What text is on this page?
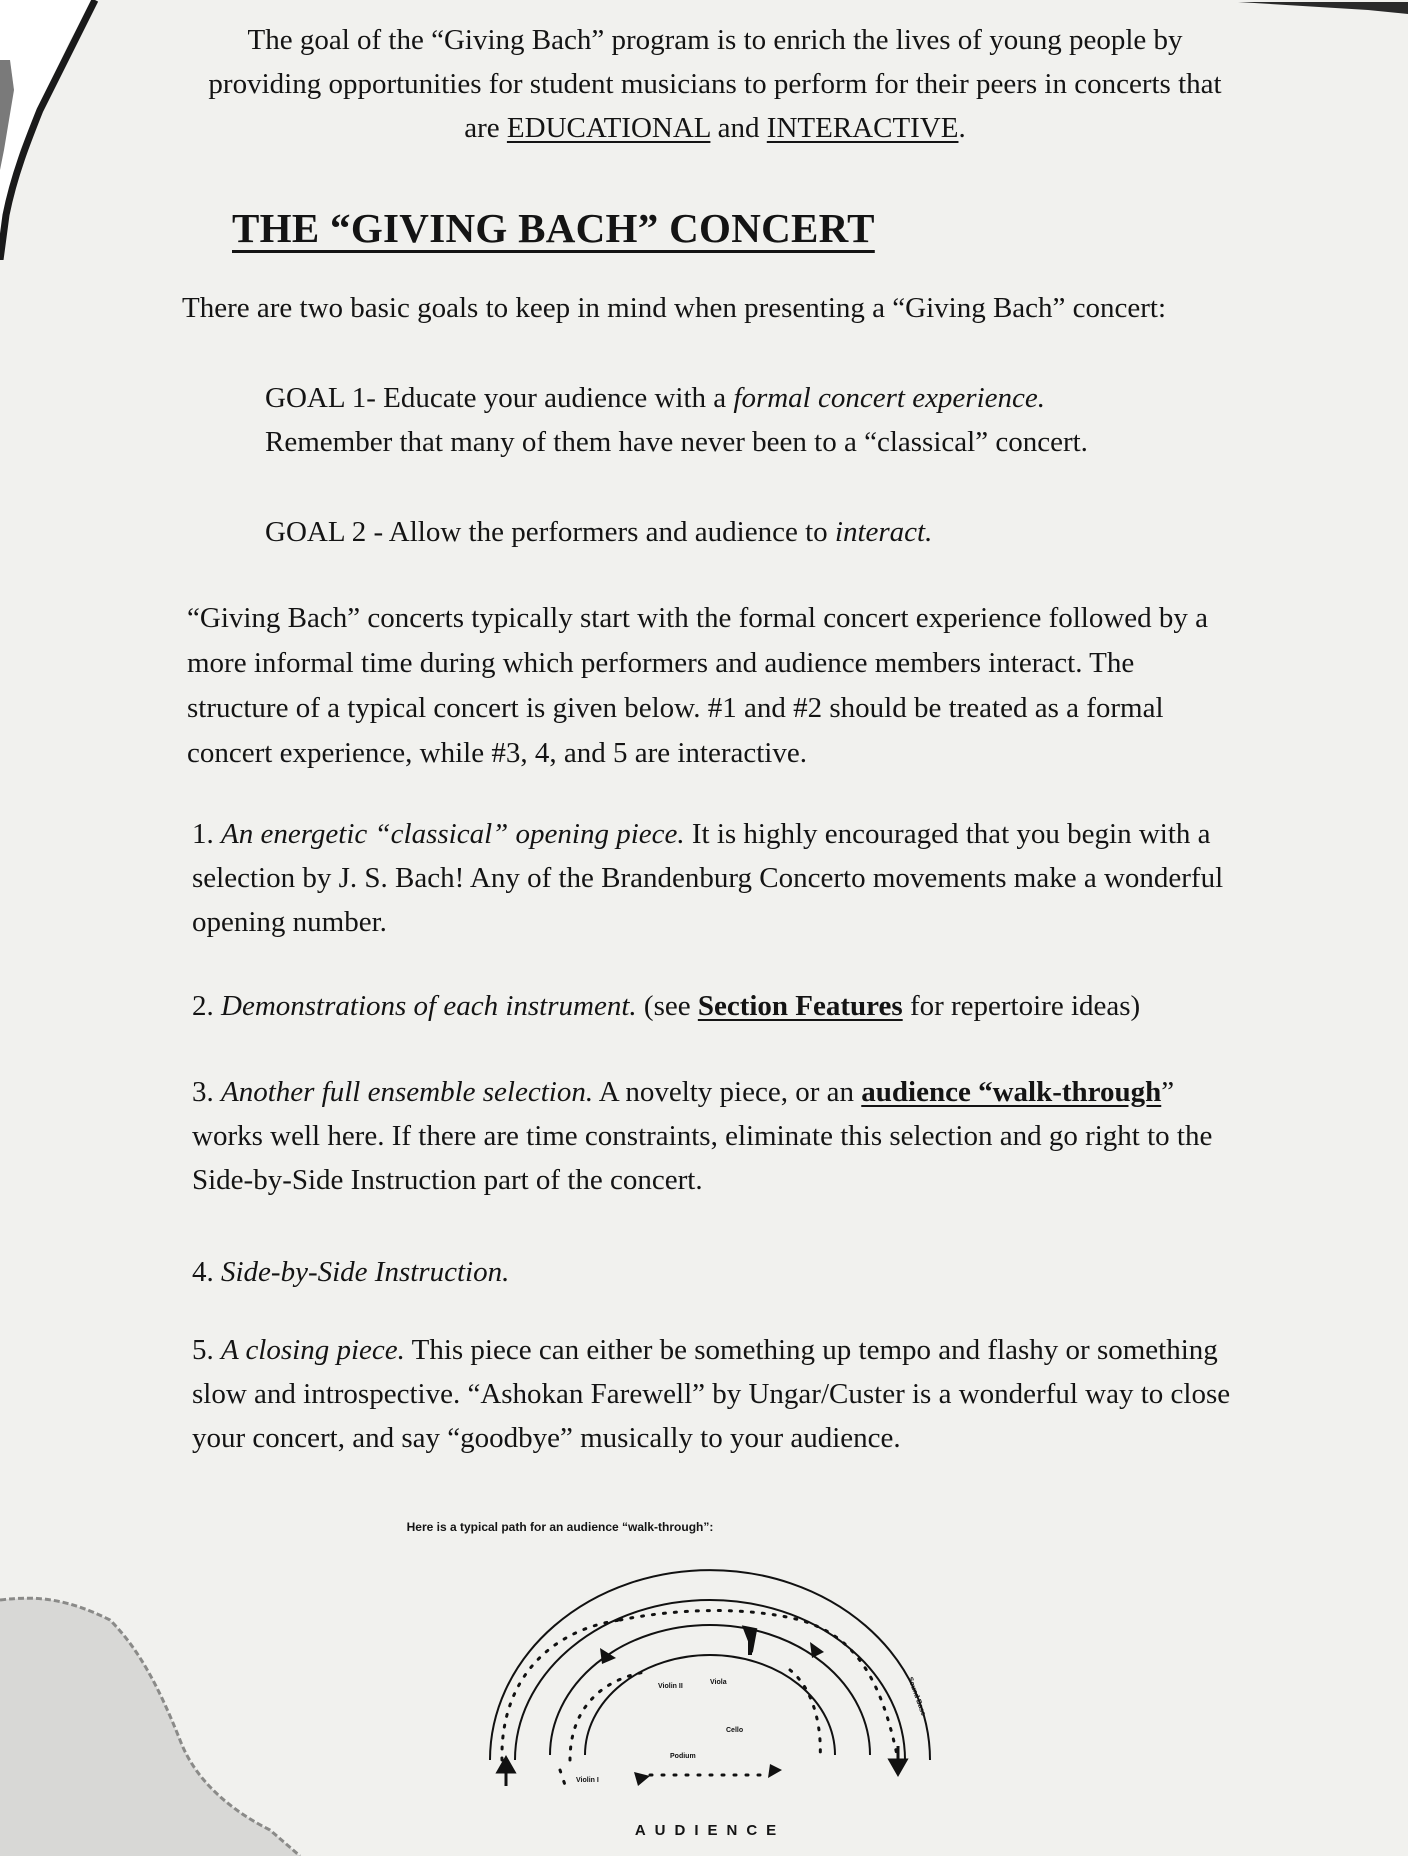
The goal of the “Giving Bach” program is to enrich the lives of young people by
providing opportunities for student musicians to perform for their peers in concerts that
are EDUCATIONAL and INTERACTIVE.
THE “GIVING BACH” CONCERT
There are two basic goals to keep in mind when presenting a “Giving Bach” concert:
GOAL 1- Educate your audience with a formal concert experience.
Remember that many of them have never been to a “classical” concert.
GOAL 2 - Allow the performers and audience to interact.
“Giving Bach” concerts typically start with the formal concert experience followed by a
more informal time during which performers and audience members interact. The
structure of a typical concert is given below. #1 and #2 should be treated as a formal
concert experience, while #3, 4, and 5 are interactive.
1. An energetic “classical” opening piece. It is highly encouraged that you begin with a
selection by J. S. Bach! Any of the Brandenburg Concerto movements make a wonderful
opening number.
2. Demonstrations of each instrument. (see Section Features for repertoire ideas)
3. Another full ensemble selection. A novelty piece, or an audience “walk-through”
works well here. If there are time constraints, eliminate this selection and go right to the
Side-by-Side Instruction part of the concert.
4. Side-by-Side Instruction.
5. A closing piece. This piece can either be something up tempo and flashy or something
slow and introspective. “Ashokan Farewell” by Ungar/Custer is a wonderful way to close
your concert, and say “goodbye” musically to your audience.
Here is a typical path for an audience “walk-through”:
Violin II
Viola
Cello
Podium
Violin I
Sound Bass
AUDIENCE
